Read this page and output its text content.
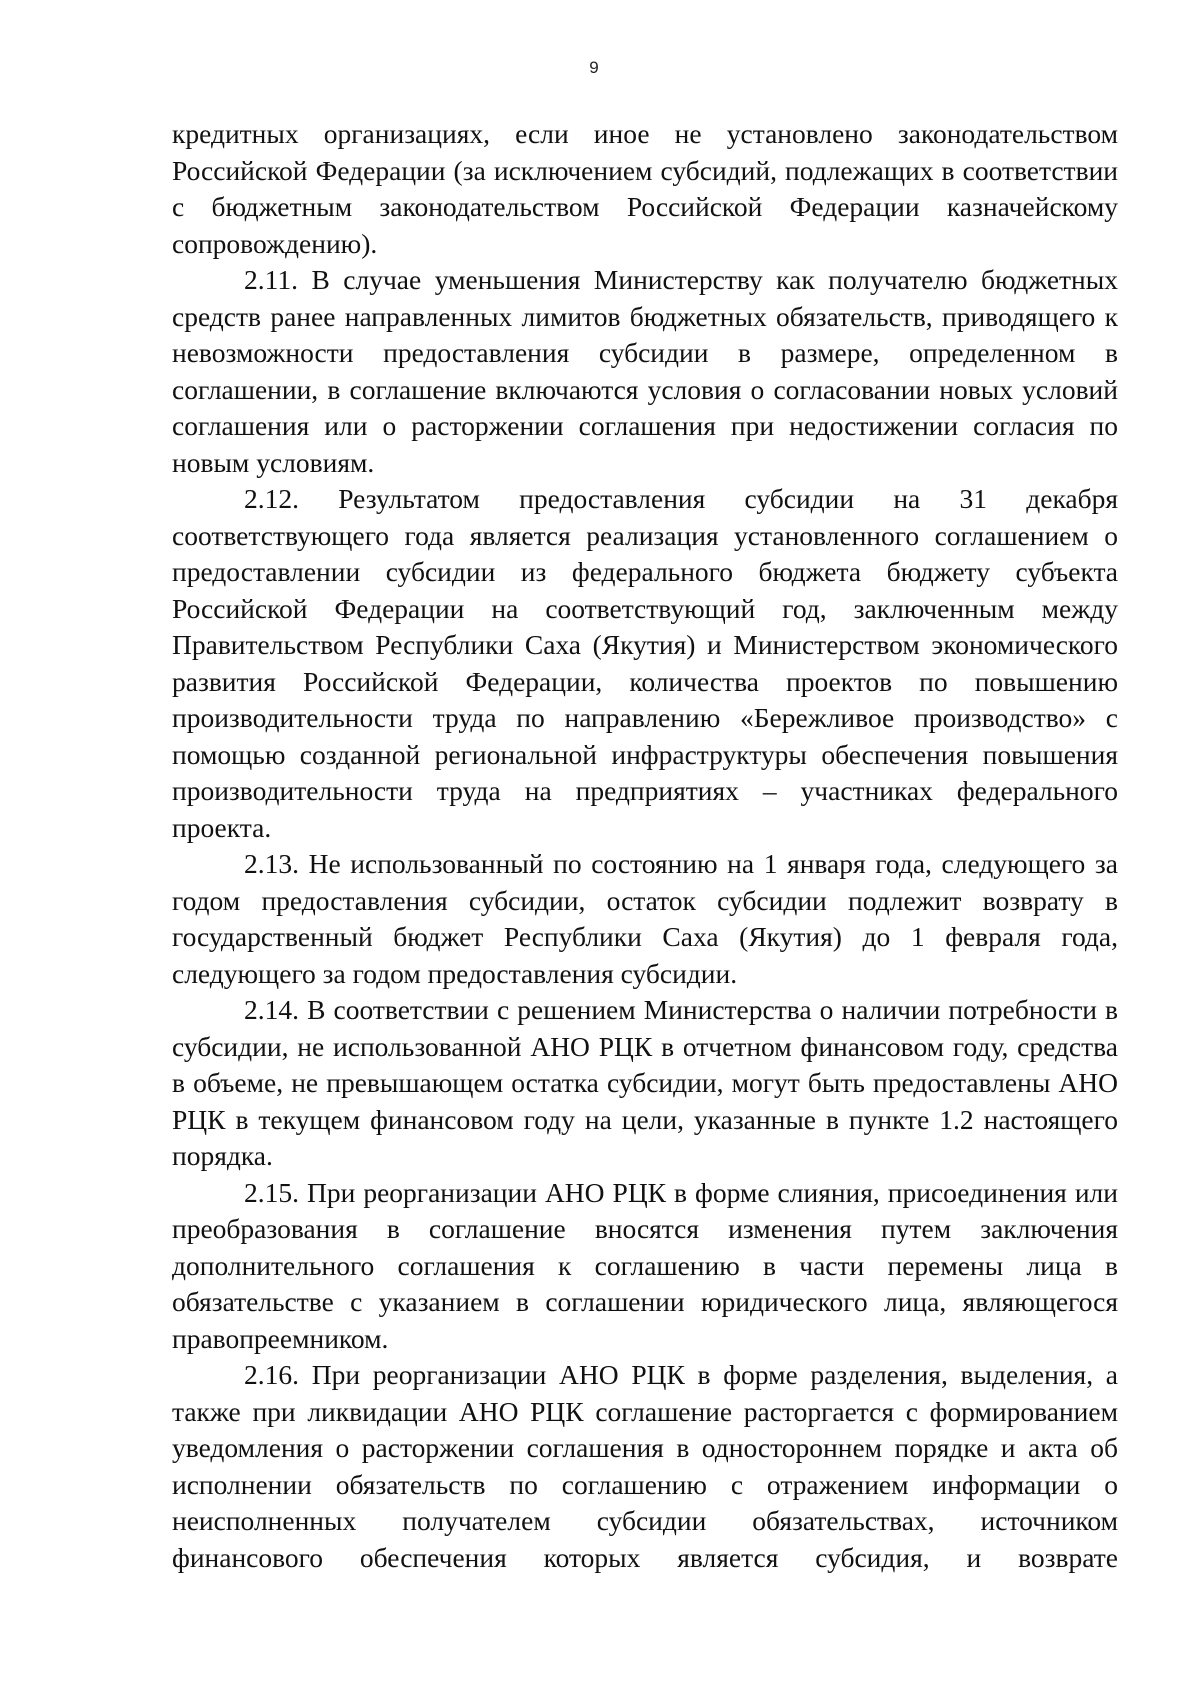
9

кредитных организациях, если иное не установлено законодательством Российской Федерации (за исключением субсидий, подлежащих в соответствии с бюджетным законодательством Российской Федерации казначейскому сопровождению).

2.11. В случае уменьшения Министерству как получателю бюджетных средств ранее направленных лимитов бюджетных обязательств, приводящего к невозможности предоставления субсидии в размере, определенном в соглашении, в соглашение включаются условия о согласовании новых условий соглашения или о расторжении соглашения при недостижении согласия по новым условиям.

2.12. Результатом предоставления субсидии на 31 декабря соответствующего года является реализация установленного соглашением о предоставлении субсидии из федерального бюджета бюджету субъекта Российской Федерации на соответствующий год, заключенным между Правительством Республики Саха (Якутия) и Министерством экономического развития Российской Федерации, количества проектов по повышению производительности труда по направлению «Бережливое производство» с помощью созданной региональной инфраструктуры обеспечения повышения производительности труда на предприятиях – участниках федерального проекта.

2.13. Не использованный по состоянию на 1 января года, следующего за годом предоставления субсидии, остаток субсидии подлежит возврату в государственный бюджет Республики Саха (Якутия) до 1 февраля года, следующего за годом предоставления субсидии.

2.14. В соответствии с решением Министерства о наличии потребности в субсидии, не использованной АНО РЦК в отчетном финансовом году, средства в объеме, не превышающем остатка субсидии, могут быть предоставлены АНО РЦК в текущем финансовом году на цели, указанные в пункте 1.2 настоящего порядка.

2.15. При реорганизации АНО РЦК в форме слияния, присоединения или преобразования в соглашение вносятся изменения путем заключения дополнительного соглашения к соглашению в части перемены лица в обязательстве с указанием в соглашении юридического лица, являющегося правопреемником.

2.16. При реорганизации АНО РЦК в форме разделения, выделения, а также при ликвидации АНО РЦК соглашение расторгается с формированием уведомления о расторжении соглашения в одностороннем порядке и акта об исполнении обязательств по соглашению с отражением информации о неисполненных получателем субсидии обязательствах, источником финансового обеспечения которых является субсидия, и возврате
